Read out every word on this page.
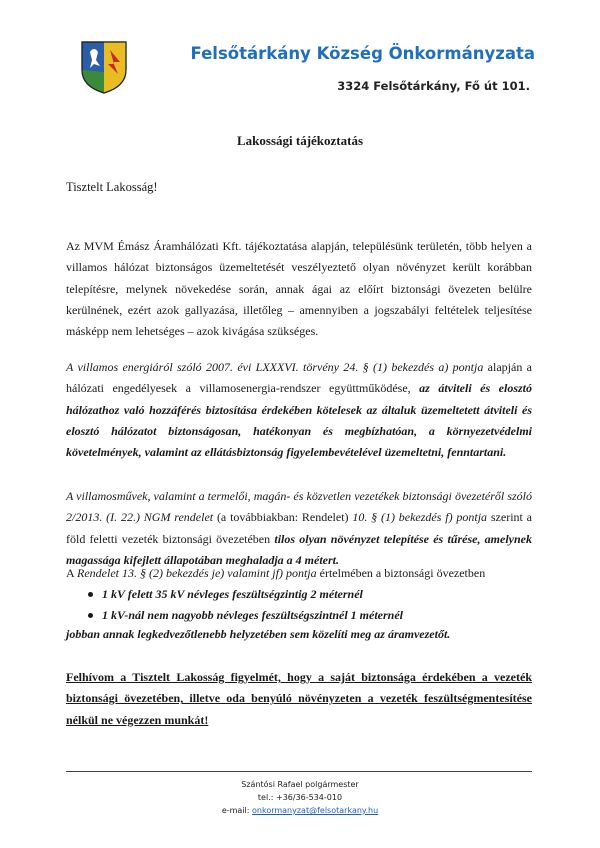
Felsőtárkány Község Önkormányzata
3324 Felsőtárkány, Fő út 101.
Lakossági tájékoztatás
Tisztelt Lakosság!

Az MVM Émász Áramhálózati Kft. tájékoztatása alapján, településünk területén, több helyen a villamos hálózat biztonságos üzemeltetését veszélyeztető olyan növényzet került korábban telepítésre, melynek növekedése során, annak ágai az előírt biztonsági övezeten belülre kerülnének, ezért azok gallyazása, illetőleg – amennyiben a jogszabályi feltételek teljesítése másképp nem lehetséges – azok kivágása szükséges.

A villamos energiáról szóló 2007. évi LXXXVI. törvény 24. § (1) bekezdés a) pontja alapján a hálózati engedélyesek a villamosenergia-rendszer együttműködése, az átviteli és elosztó hálózathoz való hozzáférés biztosítása érdekében kötelesek az általuk üzemeltetett átviteli és elosztó hálózatot biztonságosan, hatékonyan és megbízhatóan, a környezetvédelmi követelmények, valamint az ellátásbiztonság figyelembevételével üzemeltetni, fenntartani.

A villamosművek, valamint a termelői, magán- és közvetlen vezetékek biztonsági övezetéről szóló 2/2013. (I. 22.) NGM rendelet (a továbbiakban: Rendelet) 10. § (1) bekezdés f) pontja szerint a föld feletti vezeték biztonsági övezetében tilos olyan növényzet telepítése és tűrése, amelynek magassága kifejlett állapotában meghaladja a 4 métert.

A Rendelet 13. § (2) bekezdés je) valamint jf) pontja értelmében a biztonsági övezetben

1 kV felett 35 kV névleges feszültségzintig 2 méternél
1 kV-nál nem nagyobb névleges feszültségszintnél 1 méternél
jobban annak legkedvezőtlenebb helyzetében sem közelíti meg az áramvezetőt.

Felhívom a Tisztelt Lakosság figyelmét, hogy a saját biztonsága érdekében a vezeték biztonsági övezetében, illetve oda benyúló növényzeten a vezeték feszültségmentesítése nélkül ne végezzen munkát!

Szántósi Rafael polgármester
tel.: +36/36-534-010
e-mail: onkormanyzat@felsotarkany.hu
